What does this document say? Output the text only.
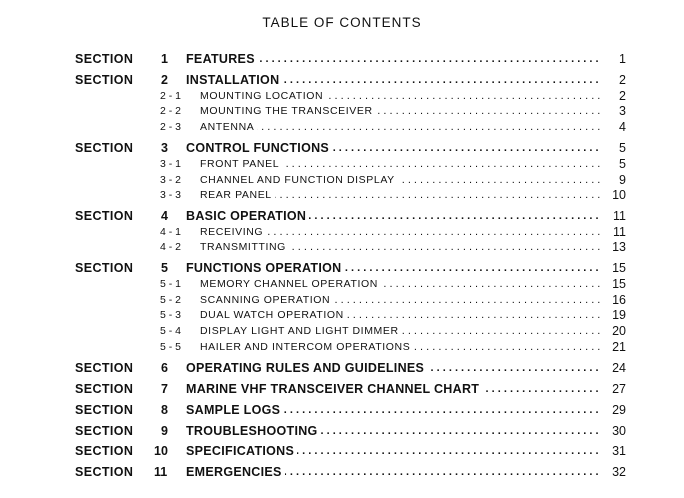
TABLE OF CONTENTS
SECTION 1 FEATURES . . .	1
SECTION 2 INSTALLATION . . .	2
2 - 1 MOUNTING LOCATION . . .	2
2 - 2 MOUNTING THE TRANSCEIVER . . .	3
2 - 3 ANTENNA . . .	4
SECTION 3 CONTROL FUNCTIONS . . .	5
3 - 1 FRONT PANEL . . .	5
3 - 2 CHANNEL AND FUNCTION DISPLAY . . .	9
3 - 3 REAR PANEL . . .	10
SECTION 4 BASIC OPERATION . . .	11
4 - 1 RECEIVING . . .	11
4 - 2 TRANSMITTING . . .	13
SECTION 5 FUNCTIONS OPERATION . . .	15
5 - 1 MEMORY CHANNEL OPERATION . . .	15
5 - 2 SCANNING OPERATION . . .	16
5 - 3 DUAL WATCH OPERATION . . .	19
5 - 4 DISPLAY LIGHT AND LIGHT DIMMER . . .	20
5 - 5 HAILER AND INTERCOM OPERATIONS . . .	21
SECTION 6 OPERATING RULES AND GUIDELINES . . .	24
SECTION 7 MARINE VHF TRANSCEIVER CHANNEL CHART . . .	27
SECTION 8 SAMPLE LOGS . . .	29
SECTION 9 TROUBLESHOOTING . . .	30
SECTION 10 SPECIFICATIONS . . .	31
SECTION 11 EMERGENCIES . . .	32
